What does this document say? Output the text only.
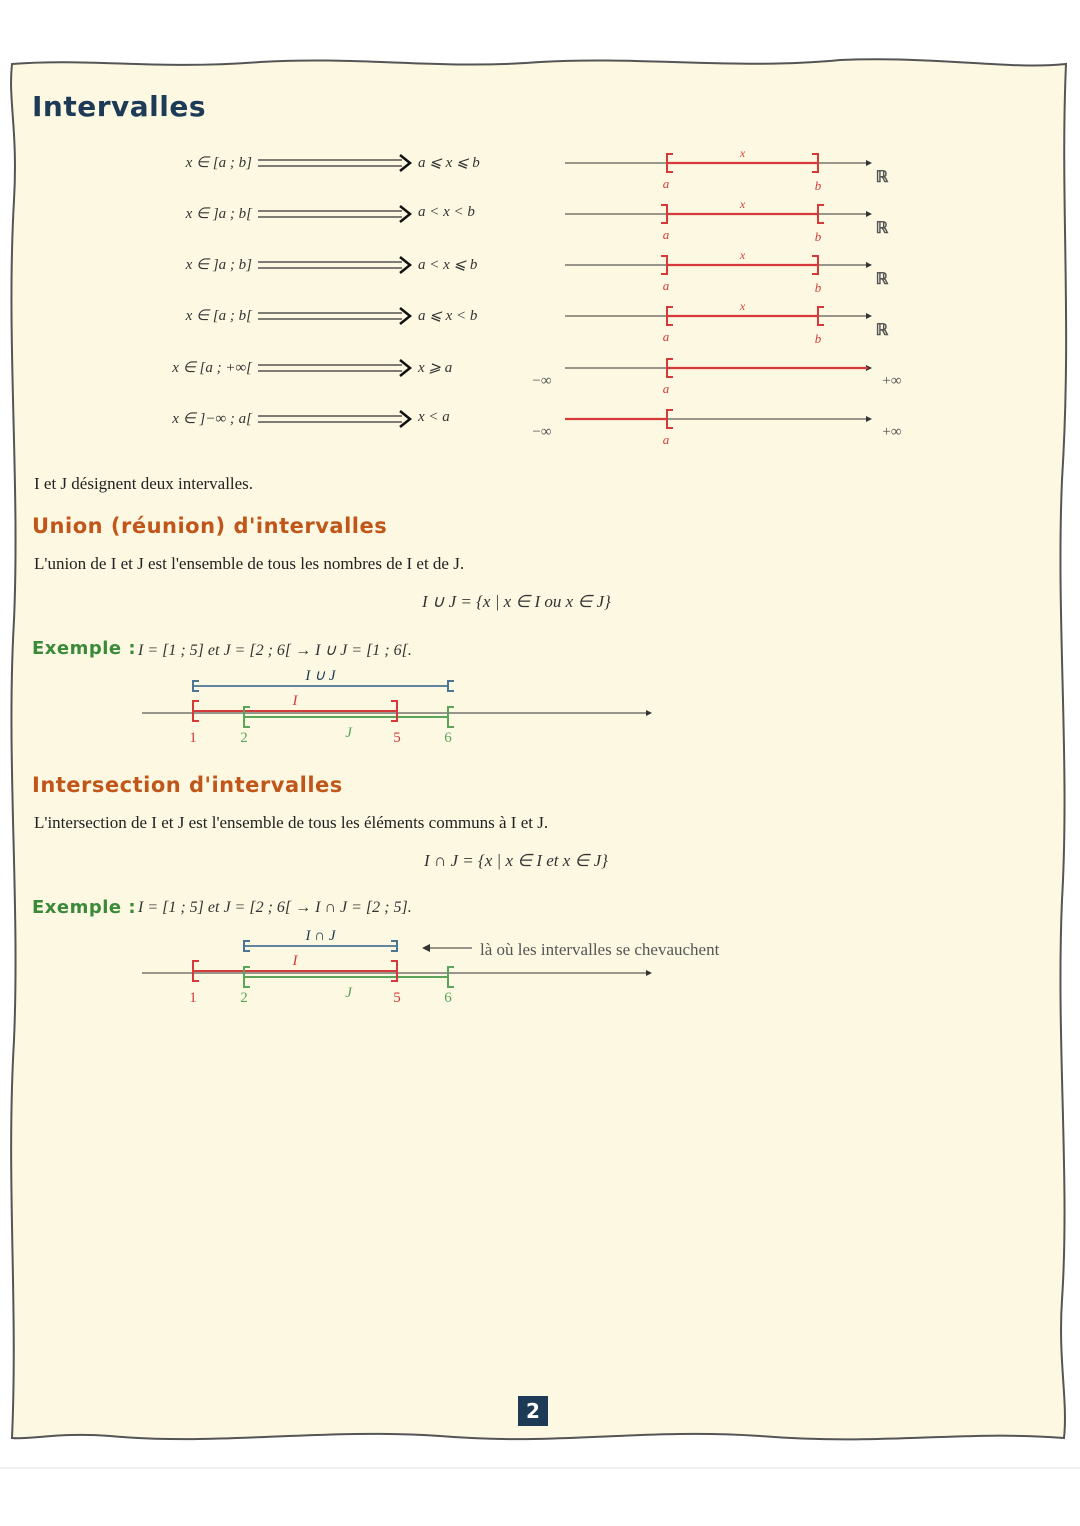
a	b
x
ℝ
a	b
x
ℝ
a	b
x
ℝ
a	b
x
ℝ
a
−∞	+∞
a
−∞	+∞
I ∪ J
I
J
1	2	5	6
I ∩ J
I
J
1	2	5	6
Intervalles
x ∈ [a ; b]	a ⩽ x ⩽ b
x ∈ ]a ; b[	a < x < b
x ∈ ]a ; b]	a < x ⩽ b
x ∈ [a ; b[	a ⩽ x < b
x ∈ [a ; +∞[	x ⩾ a
x ∈ ]−∞ ; a[	x < a
I et J désignent deux intervalles.
Union (réunion) d'intervalles
L'union de I et J est l'ensemble de tous les nombres de I et de J.
I ∪ J = {x | x ∈ I ou x ∈ J}
Exemple : I = [1 ; 5] et J = [2 ; 6[ → I ∪ J = [1 ; 6[.
Intersection d'intervalles
L'intersection de I et J est l'ensemble de tous les éléments communs à I et J.
I ∩ J = {x | x ∈ I et x ∈ J}
Exemple : I = [1 ; 5] et J = [2 ; 6[ → I ∩ J = [2 ; 5].
là où les intervalles se chevauchent
2
